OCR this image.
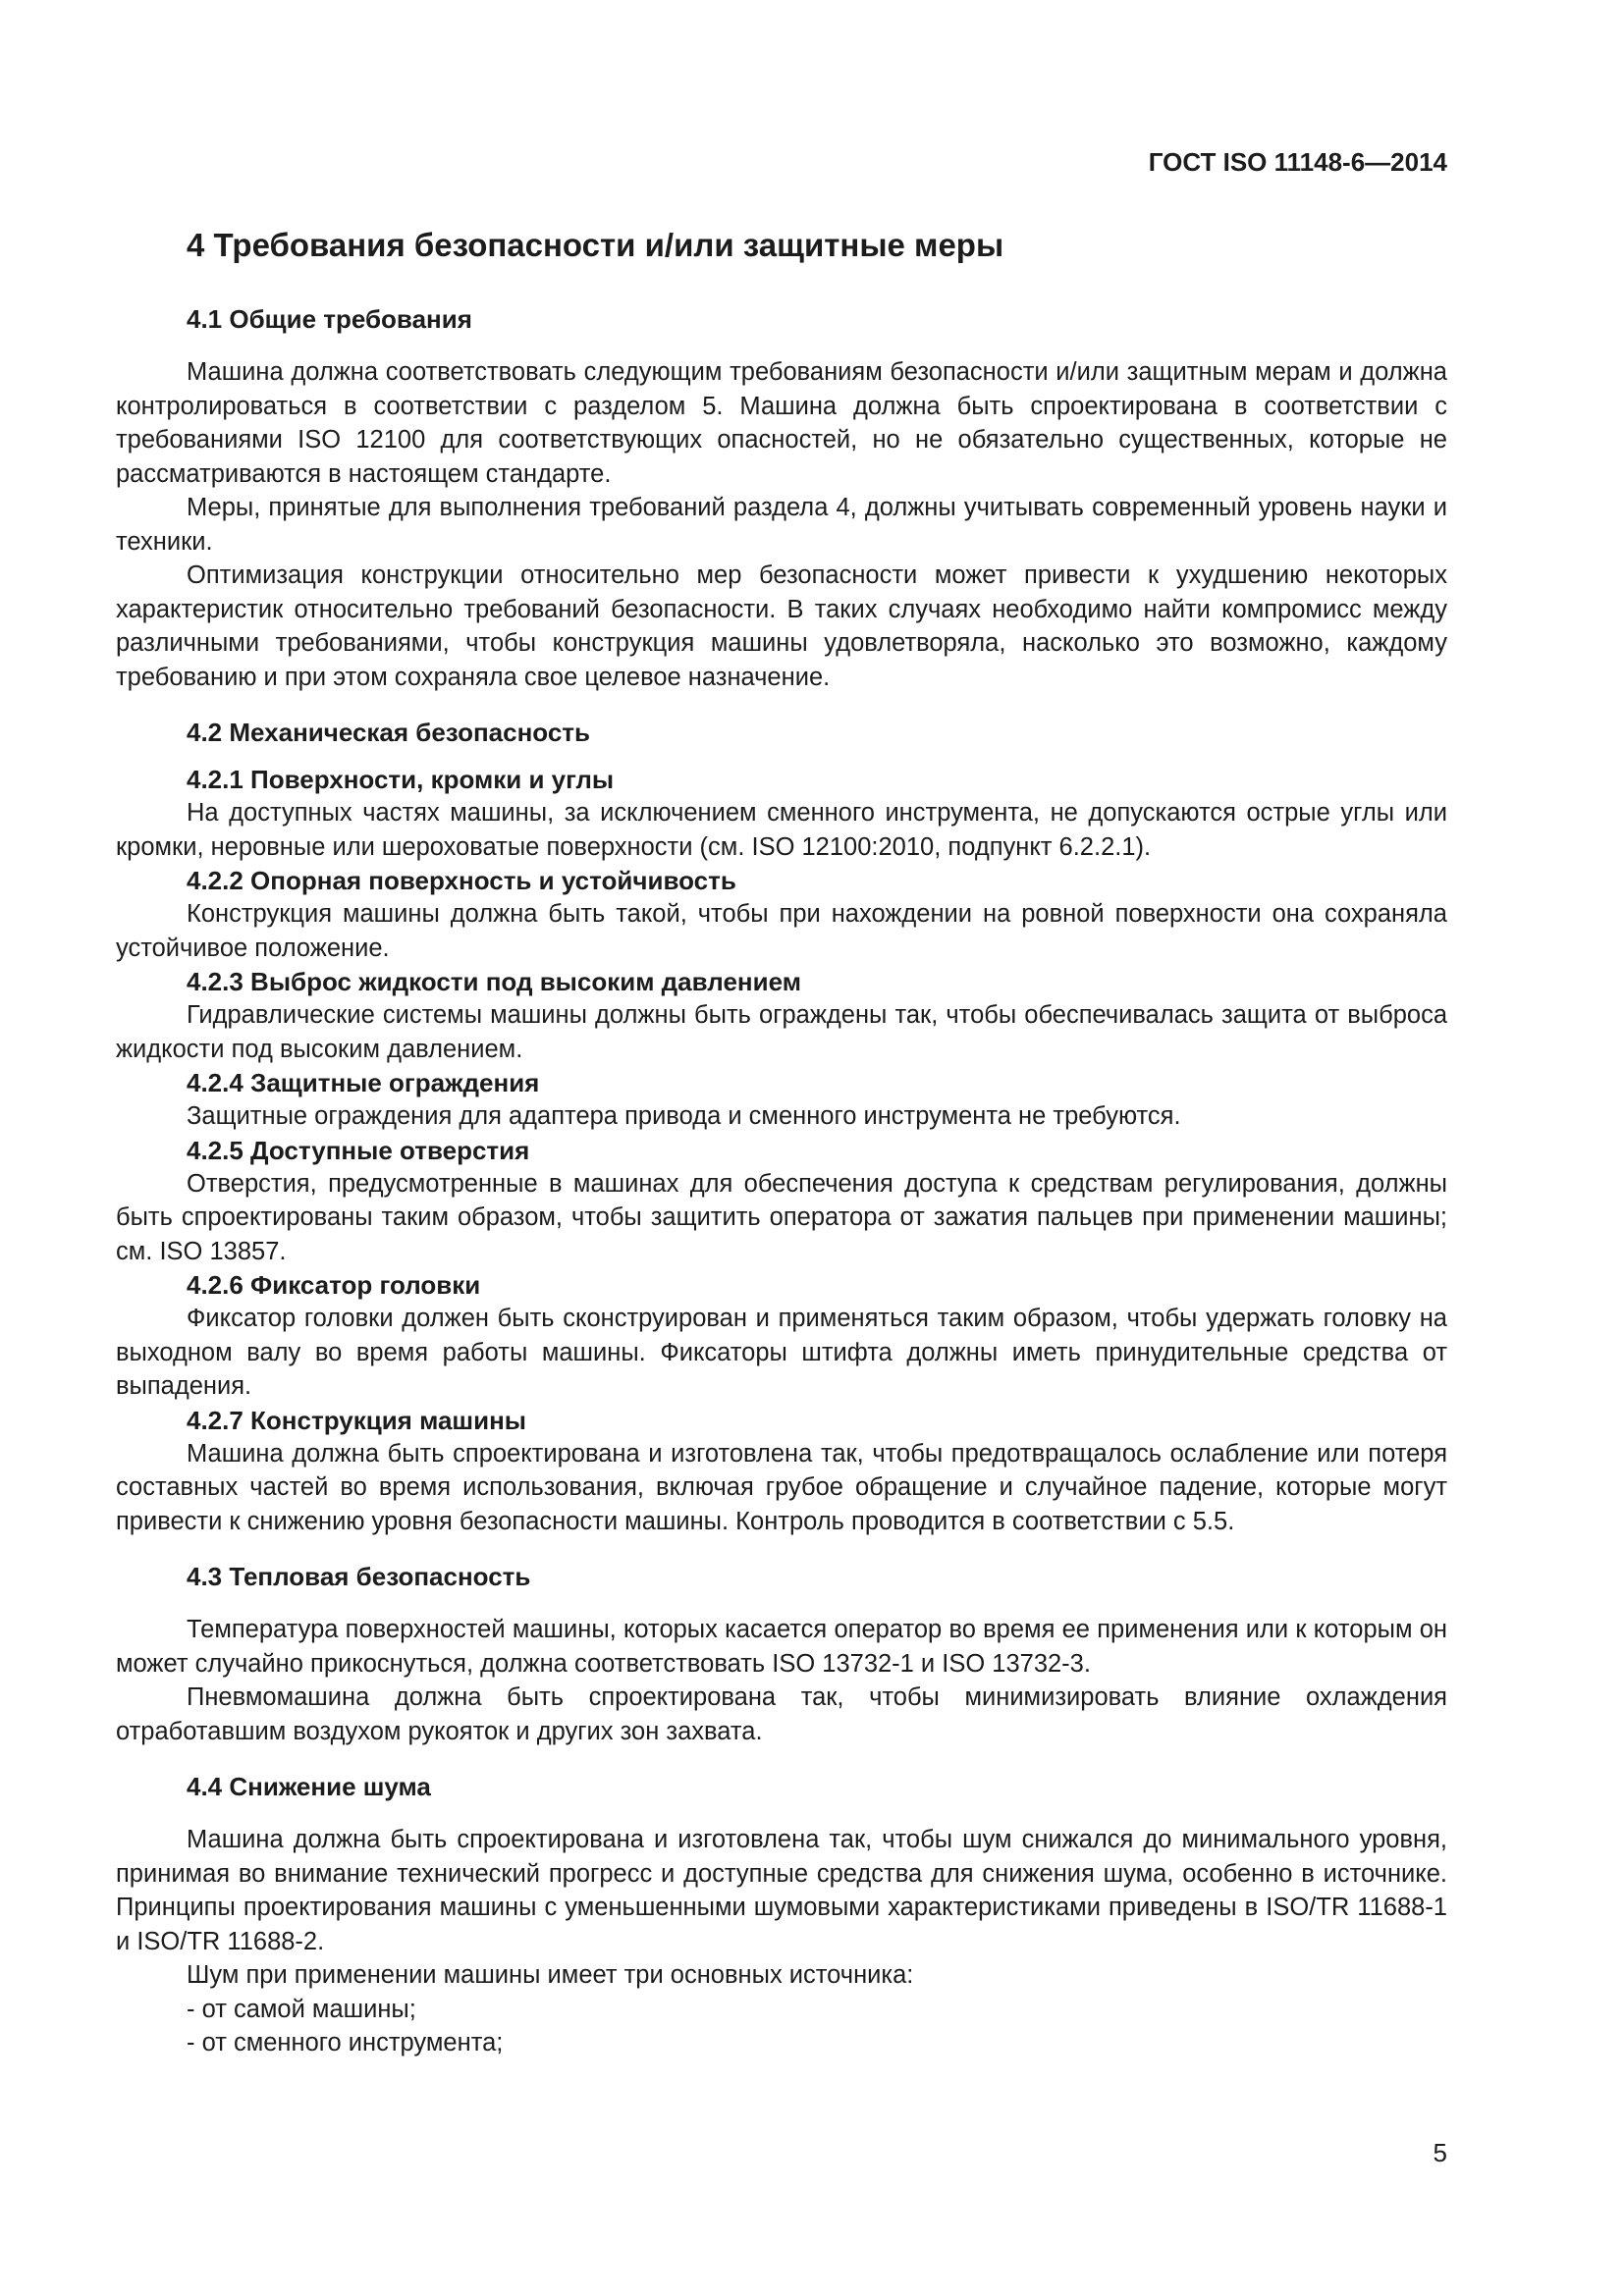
ГОСТ ISO 11148-6—2014
4 Требования безопасности и/или защитные меры
4.1 Общие требования

Машина должна соответствовать следующим требованиям безопасности и/или защитным мерам и должна контролироваться в соответствии с разделом 5. Машина должна быть спроектирована в соответствии с требованиями ISO 12100 для соответствующих опасностей, но не обязательно существенных, которые не рассматриваются в настоящем стандарте.

Меры, принятые для выполнения требований раздела 4, должны учитывать современный уровень науки и техники.

Оптимизация конструкции относительно мер безопасности может привести к ухудшению некоторых характеристик относительно требований безопасности. В таких случаях необходимо найти компромисс между различными требованиями, чтобы конструкция машины удовлетворяла, насколько это возможно, каждому требованию и при этом сохраняла свое целевое назначение.

4.2 Механическая безопасность
4.2.1 Поверхности, кромки и углы

На доступных частях машины, за исключением сменного инструмента, не допускаются острые углы или кромки, неровные или шероховатые поверхности (см. ISO 12100:2010, подпункт 6.2.2.1).

4.2.2 Опорная поверхность и устойчивость

Конструкция машины должна быть такой, чтобы при нахождении на ровной поверхности она сохраняла устойчивое положение.

4.2.3 Выброс жидкости под высоким давлением

Гидравлические системы машины должны быть ограждены так, чтобы обеспечивалась защита от выброса жидкости под высоким давлением.

4.2.4 Защитные ограждения

Защитные ограждения для адаптера привода и сменного инструмента не требуются.

4.2.5 Доступные отверстия

Отверстия, предусмотренные в машинах для обеспечения доступа к средствам регулирования, должны быть спроектированы таким образом, чтобы защитить оператора от зажатия пальцев при применении машины; см. ISO 13857.

4.2.6 Фиксатор головки

Фиксатор головки должен быть сконструирован и применяться таким образом, чтобы удержать головку на выходном валу во время работы машины. Фиксаторы штифта должны иметь принудительные средства от выпадения.

4.2.7 Конструкция машины

Машина должна быть спроектирована и изготовлена так, чтобы предотвращалось ослабление или потеря составных частей во время использования, включая грубое обращение и случайное падение, которые могут привести к снижению уровня безопасности машины. Контроль проводится в соответствии с 5.5.

4.3 Тепловая безопасность

Температура поверхностей машины, которых касается оператор во время ее применения или к которым он может случайно прикоснуться, должна соответствовать ISO 13732-1 и ISO 13732-3.

Пневмомашина должна быть спроектирована так, чтобы минимизировать влияние охлаждения отработавшим воздухом рукояток и других зон захвата.

4.4 Снижение шума

Машина должна быть спроектирована и изготовлена так, чтобы шум снижался до минимального уровня, принимая во внимание технический прогресс и доступные средства для снижения шума, особенно в источнике. Принципы проектирования машины с уменьшенными шумовыми характеристиками приведены в ISO/TR 11688-1 и ISO/TR 11688-2.

Шум при применении машины имеет три основных источника:

- от самой машины;
- от сменного инструмента;
5
